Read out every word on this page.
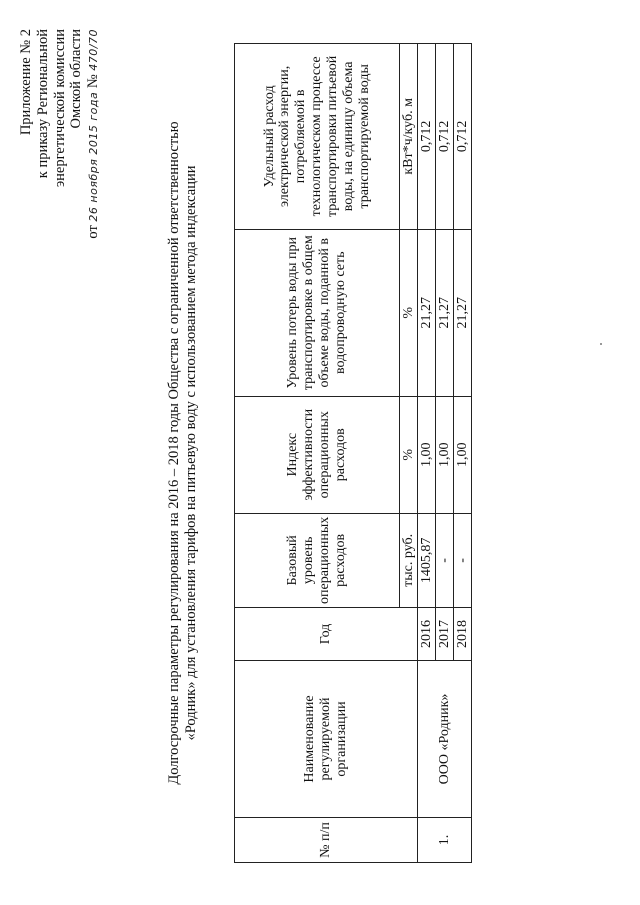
Приложение № 2 к приказу Региональной энергетической комиссии Омской области
от 26 ноября 2015 года № 470/70
Долгосрочные параметры регулирования на 2016 – 2018 годы Общества с ограниченной ответственностью «Родник» для установления тарифов на питьевую воду с использованием метода индексации
№ п/п	Наименование регулируемой организации	Год	Базовый уровень операционных расходов	Индекс эффективности операционных расходов	Уровень потерь воды при транспортировке в общем объеме воды, поданной в водопроводную сеть	Удельный расход электрической энергии, потребляемой в технологическом процессе транспортировки питьевой воды, на единицу объема транспортируемой воды
			тыс. руб.	%	%	кВт*ч/куб. м
1.	ООО «Родник»	2016	1405,87	1,00	21,27	0,712
		2017	-	1,00	21,27	0,712
		2018	-	1,00	21,27	0,712
